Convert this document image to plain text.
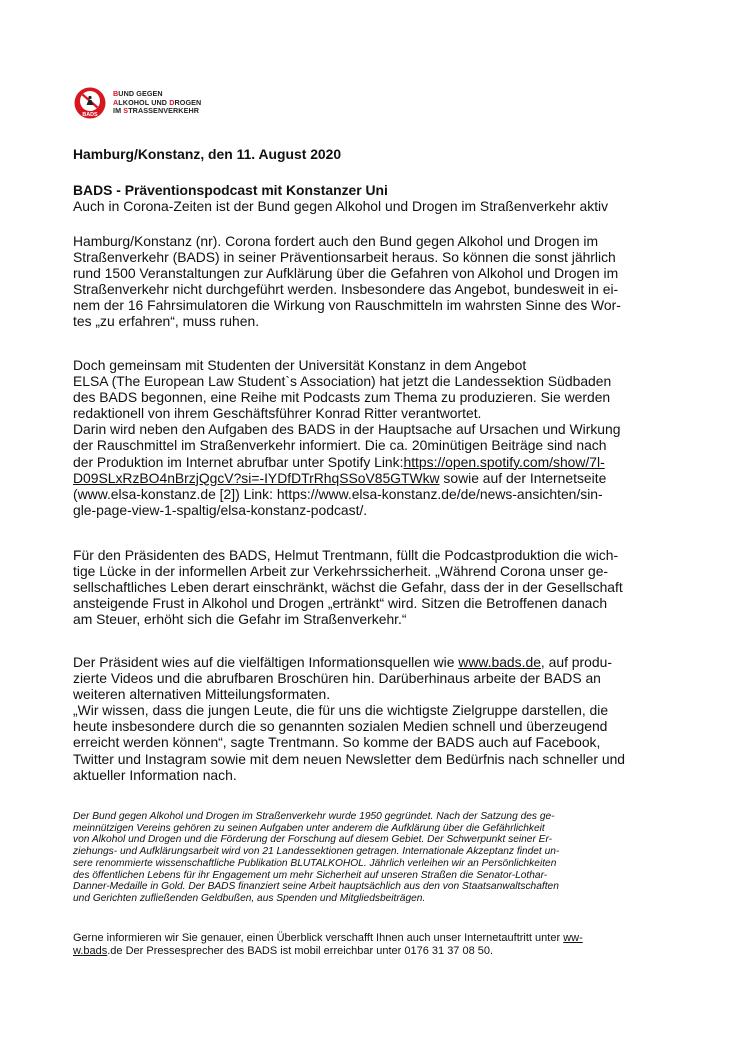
BADS
BUND GEGEN
ALKOHOL UND DROGEN
IM STRASSENVERKEHR
Hamburg/Konstanz, den 11. August 2020
BADS - Präventionspodcast mit Konstanzer Uni
Auch in Corona-Zeiten ist der Bund gegen Alkohol und Drogen im Straßenverkehr aktiv
Hamburg/Konstanz (nr). Corona fordert auch den Bund gegen Alkohol und Drogen im
Straßenverkehr (BADS) in seiner Präventionsarbeit heraus. So können die sonst jährlich
rund 1500 Veranstaltungen zur Aufklärung über die Gefahren von Alkohol und Drogen im
Straßenverkehr nicht durchgeführt werden. Insbesondere das Angebot, bundesweit in ei-
nem der 16 Fahrsimulatoren die Wirkung von Rauschmitteln im wahrsten Sinne des Wor-
tes „zu erfahren“, muss ruhen.
Doch gemeinsam mit Studenten der Universität Konstanz in dem Angebot
ELSA (The European Law Student`s Association) hat jetzt die Landessektion Südbaden
des BADS begonnen, eine Reihe mit Podcasts zum Thema zu produzieren. Sie werden
redaktionell von ihrem Geschäftsführer Konrad Ritter verantwortet.
Darin wird neben den Aufgaben des BADS in der Hauptsache auf Ursachen und Wirkung
der Rauschmittel im Straßenverkehr informiert. Die ca. 20minütigen Beiträge sind nach
der Produktion im Internet abrufbar unter Spotify Link:https://open.spotify.com/show/7l-
D09SLxRzBO4nBrzjQgcV?si=-IYDfDTrRhqSSoV85GTWkw sowie auf der Internetseite
(www.elsa-konstanz.de [2]) Link: https://www.elsa-konstanz.de/de/news-ansichten/sin-
gle-page-view-1-spaltig/elsa-konstanz-podcast/.
Für den Präsidenten des BADS, Helmut Trentmann, füllt die Podcastproduktion die wich-
tige Lücke in der informellen Arbeit zur Verkehrssicherheit. „Während Corona unser ge-
sellschaftliches Leben derart einschränkt, wächst die Gefahr, dass der in der Gesellschaft
ansteigende Frust in Alkohol und Drogen „ertränkt“ wird. Sitzen die Betroffenen danach
am Steuer, erhöht sich die Gefahr im Straßenverkehr.“
Der Präsident wies auf die vielfältigen Informationsquellen wie www.bads.de, auf produ-
zierte Videos und die abrufbaren Broschüren hin. Darüberhinaus arbeite der BADS an
weiteren alternativen Mitteilungsformaten.
„Wir wissen, dass die jungen Leute, die für uns die wichtigste Zielgruppe darstellen, die
heute insbesondere durch die so genannten sozialen Medien schnell und überzeugend
erreicht werden können“, sagte Trentmann. So komme der BADS auch auf Facebook,
Twitter und Instagram sowie mit dem neuen Newsletter dem Bedürfnis nach schneller und
aktueller Information nach.
Der Bund gegen Alkohol und Drogen im Straßenverkehr wurde 1950 gegründet. Nach der Satzung des ge-
meinnützigen Vereins gehören zu seinen Aufgaben unter anderem die Aufklärung über die Gefährlichkeit
von Alkohol und Drogen und die Förderung der Forschung auf diesem Gebiet. Der Schwerpunkt seiner Er-
ziehungs- und Aufklärungsarbeit wird von 21 Landessektionen getragen. Internationale Akzeptanz findet un-
sere renommierte wissenschaftliche Publikation BLUTALKOHOL. Jährlich verleihen wir an Persönlichkeiten
des öffentlichen Lebens für ihr Engagement um mehr Sicherheit auf unseren Straßen die Senator-Lothar-
Danner-Medaille in Gold. Der BADS finanziert seine Arbeit hauptsächlich aus den von Staatsanwaltschaften
und Gerichten zufließenden Geldbußen, aus Spenden und Mitgliedsbeiträgen.
Gerne informieren wir Sie genauer, einen Überblick verschafft Ihnen auch unser Internetauftritt unter ww-
w.bads.de Der Pressesprecher des BADS ist mobil erreichbar unter 0176 31 37 08 50.
